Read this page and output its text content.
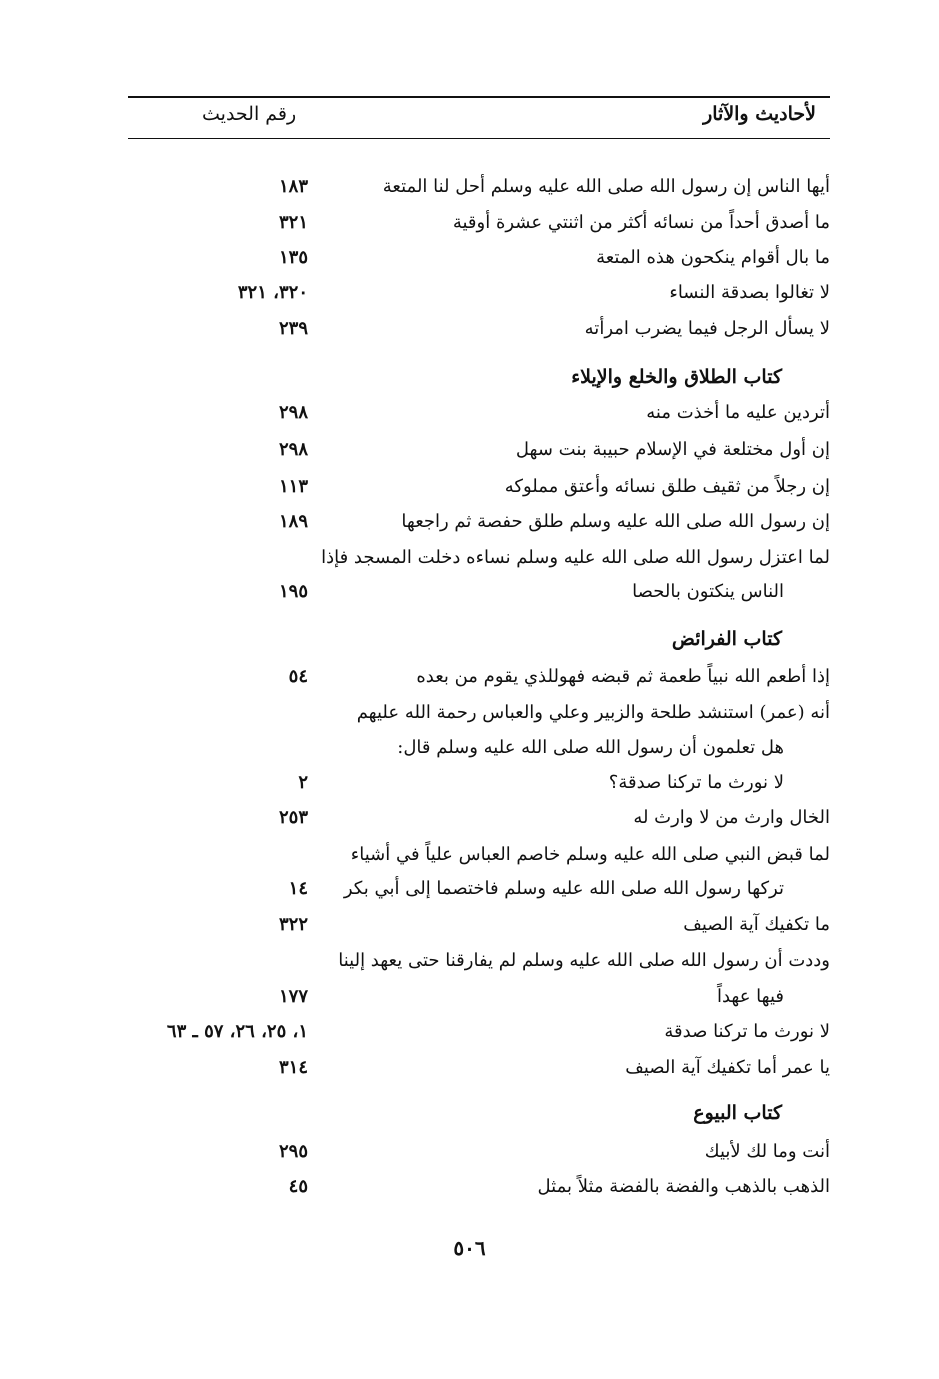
لأحاديث والآثار
رقم الحديث
أيها الناس إن رسول الله صلى الله عليه وسلم أحل لنا المتعة
١٨٣
ما أصدق أحداً من نسائه أكثر من اثنتي عشرة أوقية
٣٢١
ما بال أقوام ينكحون هذه المتعة
١٣٥
لا تغالوا بصدقة النساء
٣٢٠، ٣٢١
لا يسأل الرجل فيما يضرب امرأته
٢٣٩
كتاب الطلاق والخلع والإيلاء
أتردين عليه ما أخذت منه
٢٩٨
إن أول مختلعة في الإسلام حبيبة بنت سهل
٢٩٨
إن رجلاً من ثقيف طلق نسائه وأعتق مملوكه
١١٣
إن رسول الله صلى الله عليه وسلم طلق حفصة ثم راجعها
١٨٩
لما اعتزل رسول الله صلى الله عليه وسلم نساءه دخلت المسجد فإذا
الناس ينكتون بالحصا
١٩٥
كتاب الفرائض
إذا أطعم الله نبياً طعمة ثم قبضه فهوللذي يقوم من بعده
٥٤
أنه (عمر) استنشد طلحة والزبير وعلي والعباس رحمة الله عليهم
هل تعلمون أن رسول الله صلى الله عليه وسلم قال:
لا نورث ما تركنا صدقة؟
٢
الخال وارث من لا وارث له
٢٥٣
لما قبض النبي صلى الله عليه وسلم خاصم العباس علياً في أشياء
تركها رسول الله صلى الله عليه وسلم فاختصما إلى أبي بكر
١٤
ما تكفيك آية الصيف
٣٢٢
وددت أن رسول الله صلى الله عليه وسلم لم يفارقنا حتى يعهد إلينا
فيها عهداً
١٧٧
لا نورث ما تركنا صدقة
١، ٢٥، ٢٦، ٥٧ ـ ٦٣
يا عمر أما تكفيك آية الصيف
٣١٤
كتاب البيوع
أنت وما لك لأبيك
٢٩٥
الذهب بالذهب والفضة بالفضة مثلاً بمثل
٤٥
٥٠٦
